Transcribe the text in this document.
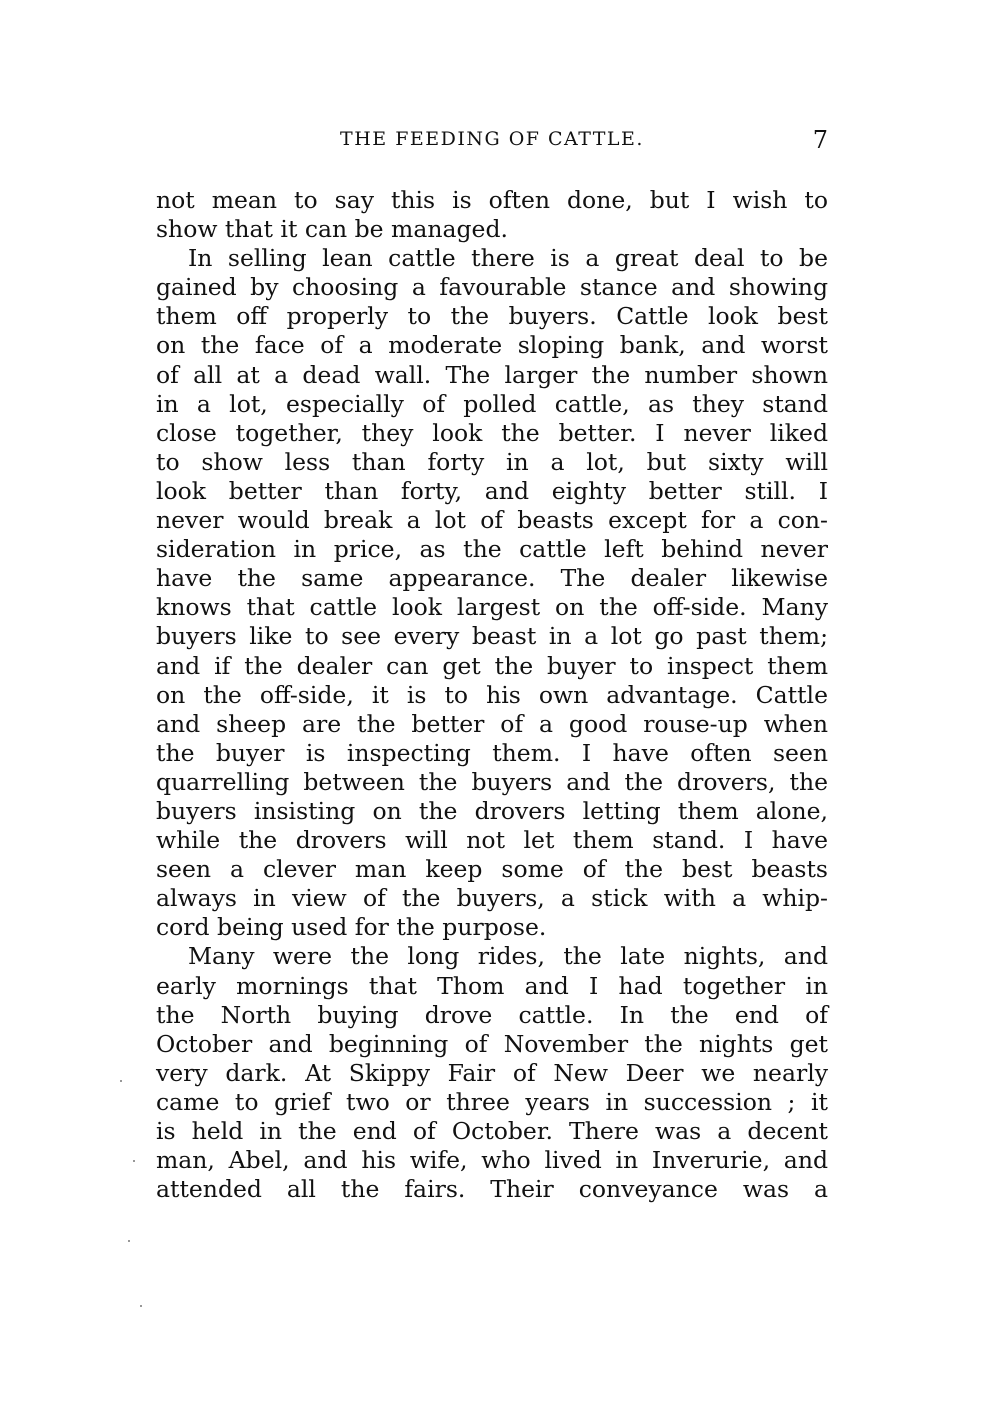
THE FEEDING OF CATTLE.	7
not mean to say this is often done, but I wish to
show that it can be managed.
In selling lean cattle there is a great deal to be
gained by choosing a favourable stance and showing
them off properly to the buyers. Cattle look best
on the face of a moderate sloping bank, and worst
of all at a dead wall. The larger the number shown
in a lot, especially of polled cattle, as they stand
close together, they look the better. I never liked
to show less than forty in a lot, but sixty will
look better than forty, and eighty better still. I
never would break a lot of beasts except for a con-
sideration in price, as the cattle left behind never
have the same appearance. The dealer likewise
knows that cattle look largest on the off-side. Many
buyers like to see every beast in a lot go past them;
and if the dealer can get the buyer to inspect them
on the off-side, it is to his own advantage. Cattle
and sheep are the better of a good rouse-up when
the buyer is inspecting them. I have often seen
quarrelling between the buyers and the drovers, the
buyers insisting on the drovers letting them alone,
while the drovers will not let them stand. I have
seen a clever man keep some of the best beasts
always in view of the buyers, a stick with a whip-
cord being used for the purpose.
Many were the long rides, the late nights, and
early mornings that Thom and I had together in
the North buying drove cattle. In the end of
October and beginning of November the nights get
very dark. At Skippy Fair of New Deer we nearly
came to grief two or three years in succession ; it
is held in the end of October. There was a decent
man, Abel, and his wife, who lived in Inverurie, and
attended all the fairs. Their conveyance was a
